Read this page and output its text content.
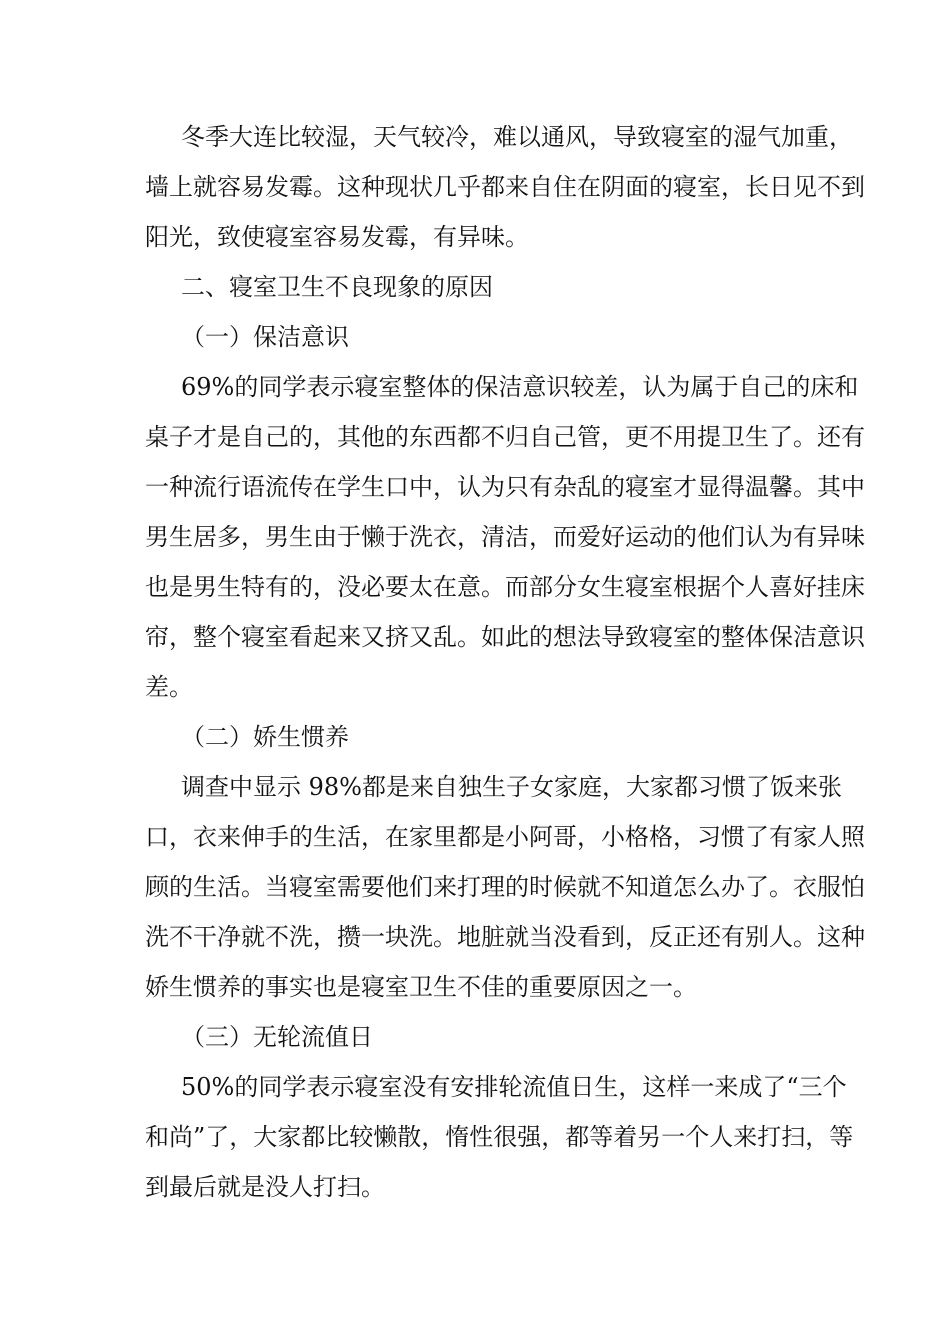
冬季大连比较湿，天气较冷，难以通风，导致寝室的湿气加重，
墙上就容易发霉。这种现状几乎都来自住在阴面的寝室，长日见不到
阳光，致使寝室容易发霉，有异味。
二、寝室卫生不良现象的原因
（一）保洁意识
69%的同学表示寝室整体的保洁意识较差，认为属于自己的床和
桌子才是自己的，其他的东西都不归自己管，更不用提卫生了。还有
一种流行语流传在学生口中，认为只有杂乱的寝室才显得温馨。其中
男生居多，男生由于懒于洗衣，清洁，而爱好运动的他们认为有异味
也是男生特有的，没必要太在意。而部分女生寝室根据个人喜好挂床
帘，整个寝室看起来又挤又乱。如此的想法导致寝室的整体保洁意识
差。
（二）娇生惯养
调查中显示 98%都是来自独生子女家庭，大家都习惯了饭来张
口，衣来伸手的生活，在家里都是小阿哥，小格格，习惯了有家人照
顾的生活。当寝室需要他们来打理的时候就不知道怎么办了。衣服怕
洗不干净就不洗，攒一块洗。地脏就当没看到，反正还有别人。这种
娇生惯养的事实也是寝室卫生不佳的重要原因之一。
（三）无轮流值日
50%的同学表示寝室没有安排轮流值日生，这样一来成了“三个
和尚”了，大家都比较懒散，惰性很强，都等着另一个人来打扫，等
到最后就是没人打扫。
